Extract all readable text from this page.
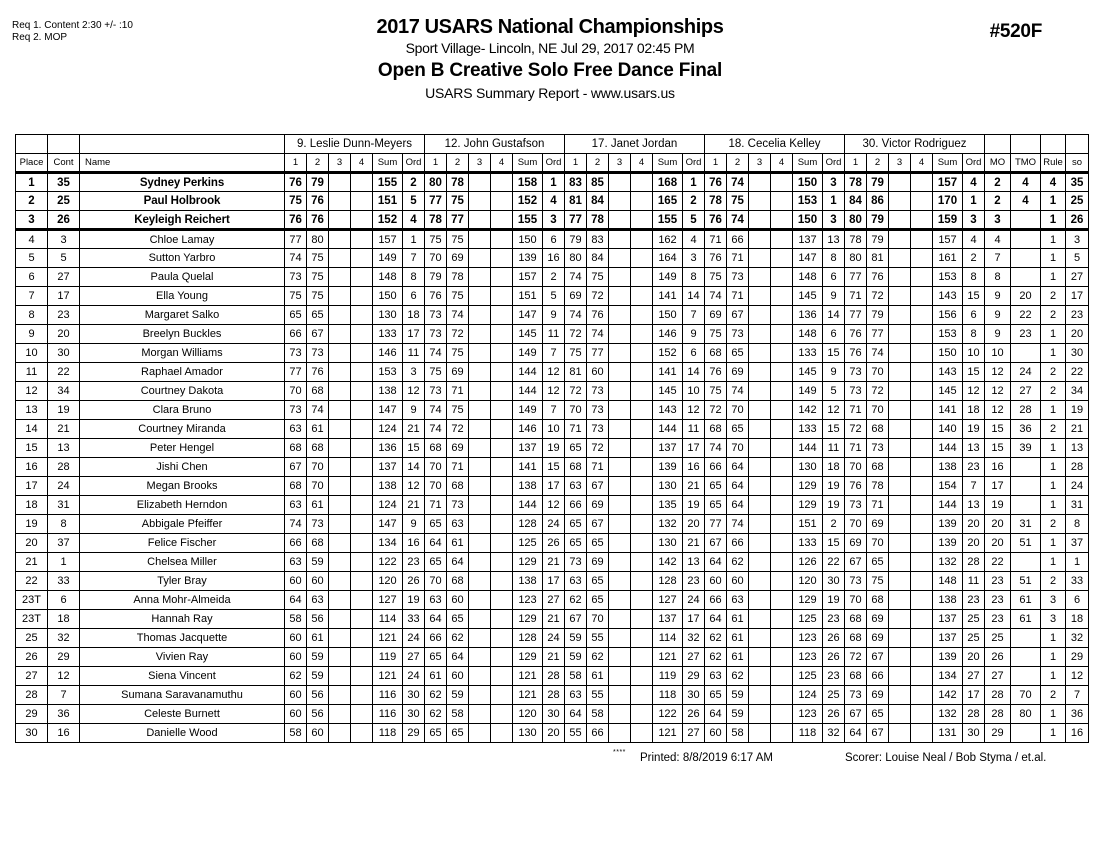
Req 1. Content 2:30 +/- :10
Req 2. MOP	#520F
2017 USARS National Championships
Sport Village- Lincoln, NE Jul 29, 2017 02:45 PM
Open B Creative Solo Free Dance Final
USARS Summary Report - www.usars.us
			9. Leslie Dunn-Meyers						12. John Gustafson						17. Janet Jordan						18. Cecelia Kelley						30. Victor Rodriguez									
Place	Cont	Name	1	2	3	4	Sum	Ord	1	2	3	4	Sum	Ord	1	2	3	4	Sum	Ord	1	2	3	4	Sum	Ord	1	2	3	4	Sum	Ord	MO	TMO	Rule	so
1	35	Sydney Perkins	76	79			155	2	80	78			158	1	83	85			168	1	76	74			150	3	78	79			157	4	2	4	4	35
2	25	Paul Holbrook	75	76			151	5	77	75			152	4	81	84			165	2	78	75			153	1	84	86			170	1	2	4	1	25
3	26	Keyleigh Reichert	76	76			152	4	78	77			155	3	77	78			155	5	76	74			150	3	80	79			159	3	3		1	26
4	3	Chloe Lamay	77	80			157	1	75	75			150	6	79	83			162	4	71	66			137	13	78	79			157	4	4		1	3
5	5	Sutton Yarbro	74	75			149	7	70	69			139	16	80	84			164	3	76	71			147	8	80	81			161	2	7		1	5
6	27	Paula Quelal	73	75			148	8	79	78			157	2	74	75			149	8	75	73			148	6	77	76			153	8	8		1	27
7	17	Ella Young	75	75			150	6	76	75			151	5	69	72			141	14	74	71			145	9	71	72			143	15	9	20	2	17
8	23	Margaret Salko	65	65			130	18	73	74			147	9	74	76			150	7	69	67			136	14	77	79			156	6	9	22	2	23
9	20	Breelyn Buckles	66	67			133	17	73	72			145	11	72	74			146	9	75	73			148	6	76	77			153	8	9	23	1	20
10	30	Morgan Williams	73	73			146	11	74	75			149	7	75	77			152	6	68	65			133	15	76	74			150	10	10		1	30
11	22	Raphael Amador	77	76			153	3	75	69			144	12	81	60			141	14	76	69			145	9	73	70			143	15	12	24	2	22
12	34	Courtney Dakota	70	68			138	12	73	71			144	12	72	73			145	10	75	74			149	5	73	72			145	12	12	27	2	34
13	19	Clara Bruno	73	74			147	9	74	75			149	7	70	73			143	12	72	70			142	12	71	70			141	18	12	28	1	19
14	21	Courtney Miranda	63	61			124	21	74	72			146	10	71	73			144	11	68	65			133	15	72	68			140	19	15	36	2	21
15	13	Peter Hengel	68	68			136	15	68	69			137	19	65	72			137	17	74	70			144	11	71	73			144	13	15	39	1	13
16	28	Jishi Chen	67	70			137	14	70	71			141	15	68	71			139	16	66	64			130	18	70	68			138	23	16		1	28
17	24	Megan Brooks	68	70			138	12	70	68			138	17	63	67			130	21	65	64			129	19	76	78			154	7	17		1	24
18	31	Elizabeth Herndon	63	61			124	21	71	73			144	12	66	69			135	19	65	64			129	19	73	71			144	13	19		1	31
19	8	Abbigale Pfeiffer	74	73			147	9	65	63			128	24	65	67			132	20	77	74			151	2	70	69			139	20	20	31	2	8
20	37	Felice Fischer	66	68			134	16	64	61			125	26	65	65			130	21	67	66			133	15	69	70			139	20	20	51	1	37
21	1	Chelsea Miller	63	59			122	23	65	64			129	21	73	69			142	13	64	62			126	22	67	65			132	28	22		1	1
22	33	Tyler Bray	60	60			120	26	70	68			138	17	63	65			128	23	60	60			120	30	73	75			148	11	23	51	2	33
23T	6	Anna Mohr-Almeida	64	63			127	19	63	60			123	27	62	65			127	24	66	63			129	19	70	68			138	23	23	61	3	6
23T	18	Hannah Ray	58	56			114	33	64	65			129	21	67	70			137	17	64	61			125	23	68	69			137	25	23	61	3	18
25	32	Thomas Jacquette	60	61			121	24	66	62			128	24	59	55			114	32	62	61			123	26	68	69			137	25	25		1	32
26	29	Vivien Ray	60	59			119	27	65	64			129	21	59	62			121	27	62	61			123	26	72	67			139	20	26		1	29
27	12	Siena Vincent	62	59			121	24	61	60			121	28	58	61			119	29	63	62			125	23	68	66			134	27	27		1	12
28	7	Sumana Saravanamuthu	60	56			116	30	62	59			121	28	63	55			118	30	65	59			124	25	73	69			142	17	28	70	2	7
29	36	Celeste Burnett	60	56			116	30	62	58			120	30	64	58			122	26	64	59			123	26	67	65			132	28	28	80	1	36
30	16	Danielle Wood	58	60			118	29	65	65			130	20	55	66			121	27	60	58			118	32	64	67			131	30	29		1	16
**** Printed: 8/8/2019 6:17 AM	Scorer: Louise Neal / Bob Styma / et.al.
